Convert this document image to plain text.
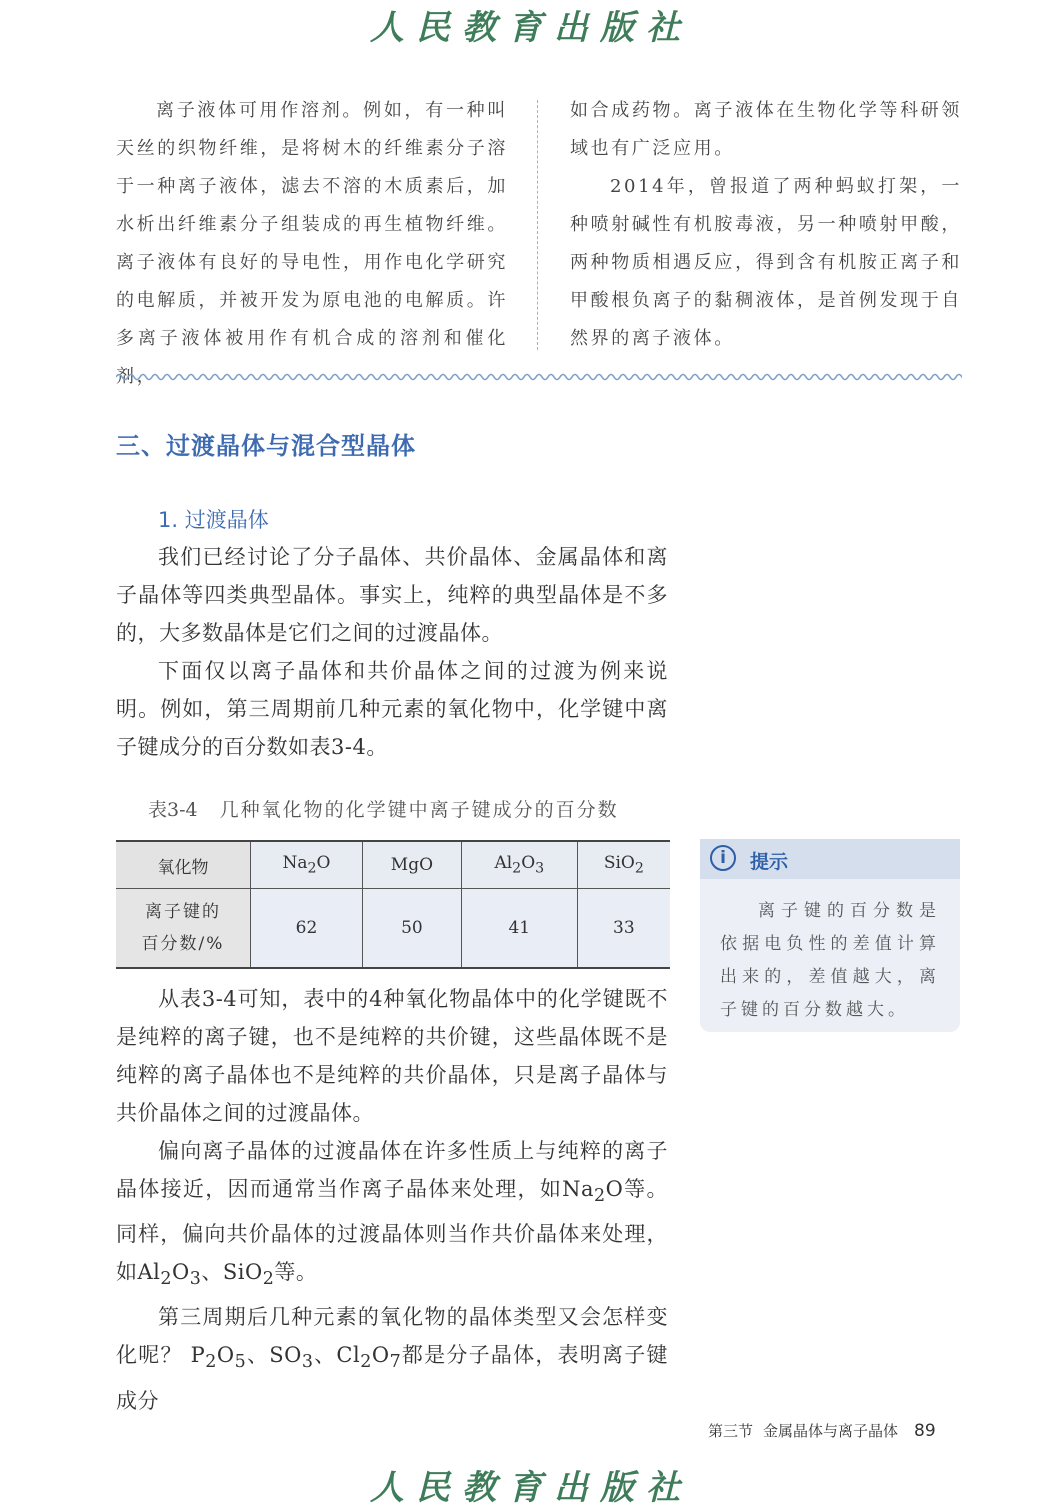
人民教育出版社

离子液体可用作溶剂。例如，有一种叫天丝的织物纤维，是将树木的纤维素分子溶于一种离子液体，滤去不溶的木质素后，加水析出纤维素分子组装成的再生植物纤维。离子液体有良好的导电性，用作电化学研究的电解质，并被开发为原电池的电解质。许多离子液体被用作有机合成的溶剂和催化剂，

如合成药物。离子液体在生物化学等科研领域也有广泛应用。

2014年，曾报道了两种蚂蚁打架，一种喷射碱性有机胺毒液，另一种喷射甲酸，两种物质相遇反应，得到含有机胺正离子和甲酸根负离子的黏稠液体，是首例发现于自然界的离子液体。

三、过渡晶体与混合型晶体
1. 过渡晶体

我们已经讨论了分子晶体、共价晶体、金属晶体和离子晶体等四类典型晶体。事实上，纯粹的典型晶体是不多的，大多数晶体是它们之间的过渡晶体。

下面仅以离子晶体和共价晶体之间的过渡为例来说明。例如，第三周期前几种元素的氧化物中，化学键中离子键成分的百分数如表3-4。

表3-4 几种氧化物的化学键中离子键成分的百分数
氧化物	$Na_2O$	MgO	$Al_2O_3$	SiO$_2$
离子键的
百分数/%	62	50	41	33
i	提示

离子键的百分数是依据电负性的差值计算出来的，差值越大，离子键的百分数越大。

从表3-4可知，表中的4种氧化物晶体中的化学键既不是纯粹的离子键，也不是纯粹的共价键，这些晶体既不是纯粹的离子晶体也不是纯粹的共价晶体，只是离子晶体与共价晶体之间的过渡晶体。

偏向离子晶体的过渡晶体在许多性质上与纯粹的离子晶体接近，因而通常当作离子晶体来处理，如$Na_2O$等。同样，偏向共价晶体的过渡晶体则当作共价晶体来处理，如$Al_2O_3$、SiO$_2$等。

第三周期后几种元素的氧化物的晶体类型又会怎样变化呢？ $P_2O_5$、$SO_3$、$Cl_2O_7$都是分子晶体，表明离子键成分

第三节 金属晶体与离子晶体 89
人民教育出版社
